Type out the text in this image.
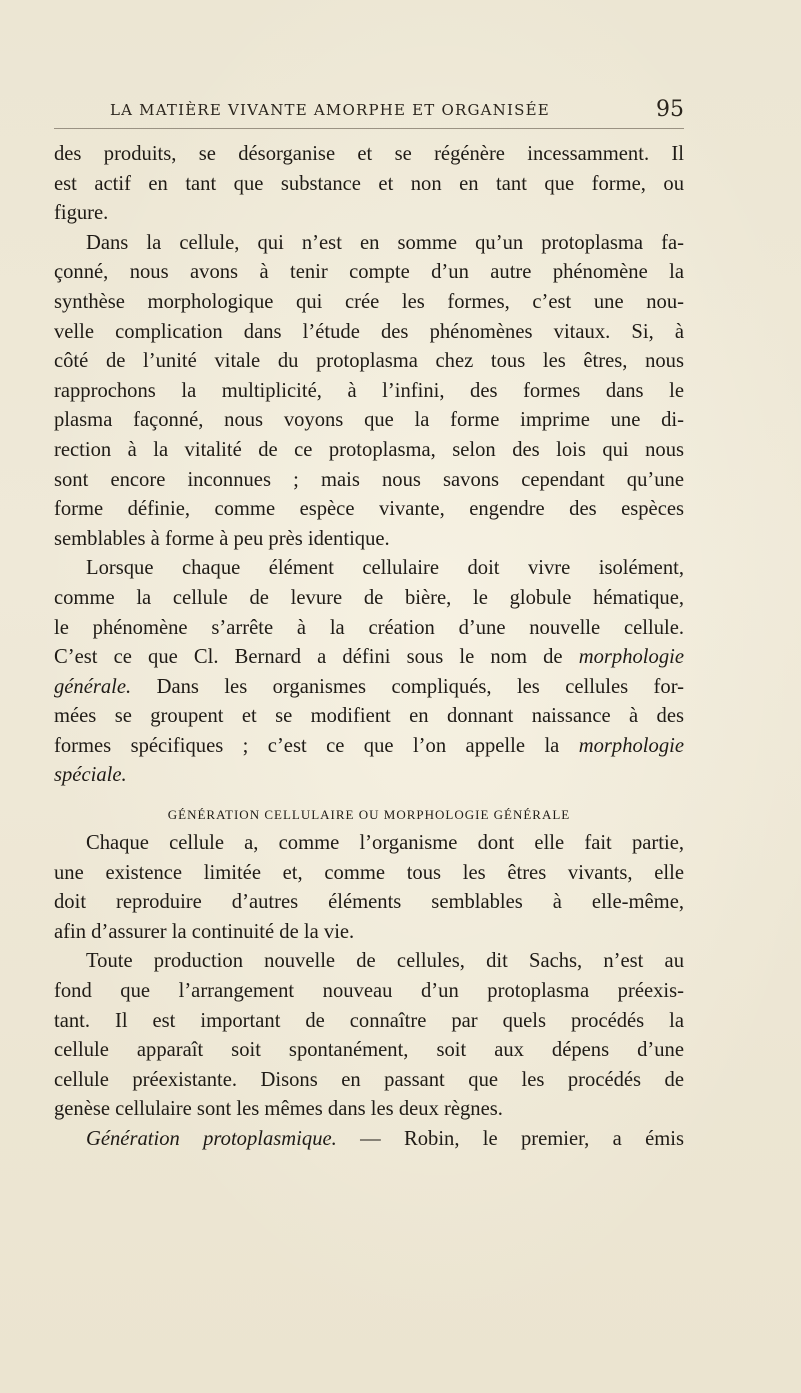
LA MATIÈRE VIVANTE AMORPHE ET ORGANISÉE	95
des produits, se désorganise et se régénère incessamment. Il
est actif en tant que substance et non en tant que forme, ou
figure.
Dans la cellule, qui n’est en somme qu’un protoplasma fa-
çonné, nous avons à tenir compte d’un autre phénomène la
synthèse morphologique qui crée les formes, c’est une nou-
velle complication dans l’étude des phénomènes vitaux. Si, à
côté de l’unité vitale du protoplasma chez tous les êtres, nous
rapprochons la multiplicité, à l’infini, des formes dans le
plasma façonné, nous voyons que la forme imprime une di-
rection à la vitalité de ce protoplasma, selon des lois qui nous
sont encore inconnues ; mais nous savons cependant qu’une
forme définie, comme espèce vivante, engendre des espèces
semblables à forme à peu près identique.
Lorsque chaque élément cellulaire doit vivre isolément,
comme la cellule de levure de bière, le globule hématique,
le phénomène s’arrête à la création d’une nouvelle cellule.
C’est ce que Cl. Bernard a défini sous le nom de morphologie
générale. Dans les organismes compliqués, les cellules for-
mées se groupent et se modifient en donnant naissance à des
formes spécifiques ; c’est ce que l’on appelle la morphologie
spéciale.
GÉNÉRATION CELLULAIRE OU MORPHOLOGIE GÉNÉRALE
Chaque cellule a, comme l’organisme dont elle fait partie,
une existence limitée et, comme tous les êtres vivants, elle
doit reproduire d’autres éléments semblables à elle-même,
afin d’assurer la continuité de la vie.
Toute production nouvelle de cellules, dit Sachs, n’est au
fond que l’arrangement nouveau d’un protoplasma préexis-
tant. Il est important de connaître par quels procédés la
cellule apparaît soit spontanément, soit aux dépens d’une
cellule préexistante. Disons en passant que les procédés de
genèse cellulaire sont les mêmes dans les deux règnes.
Génération protoplasmique. — Robin, le premier, a émis
